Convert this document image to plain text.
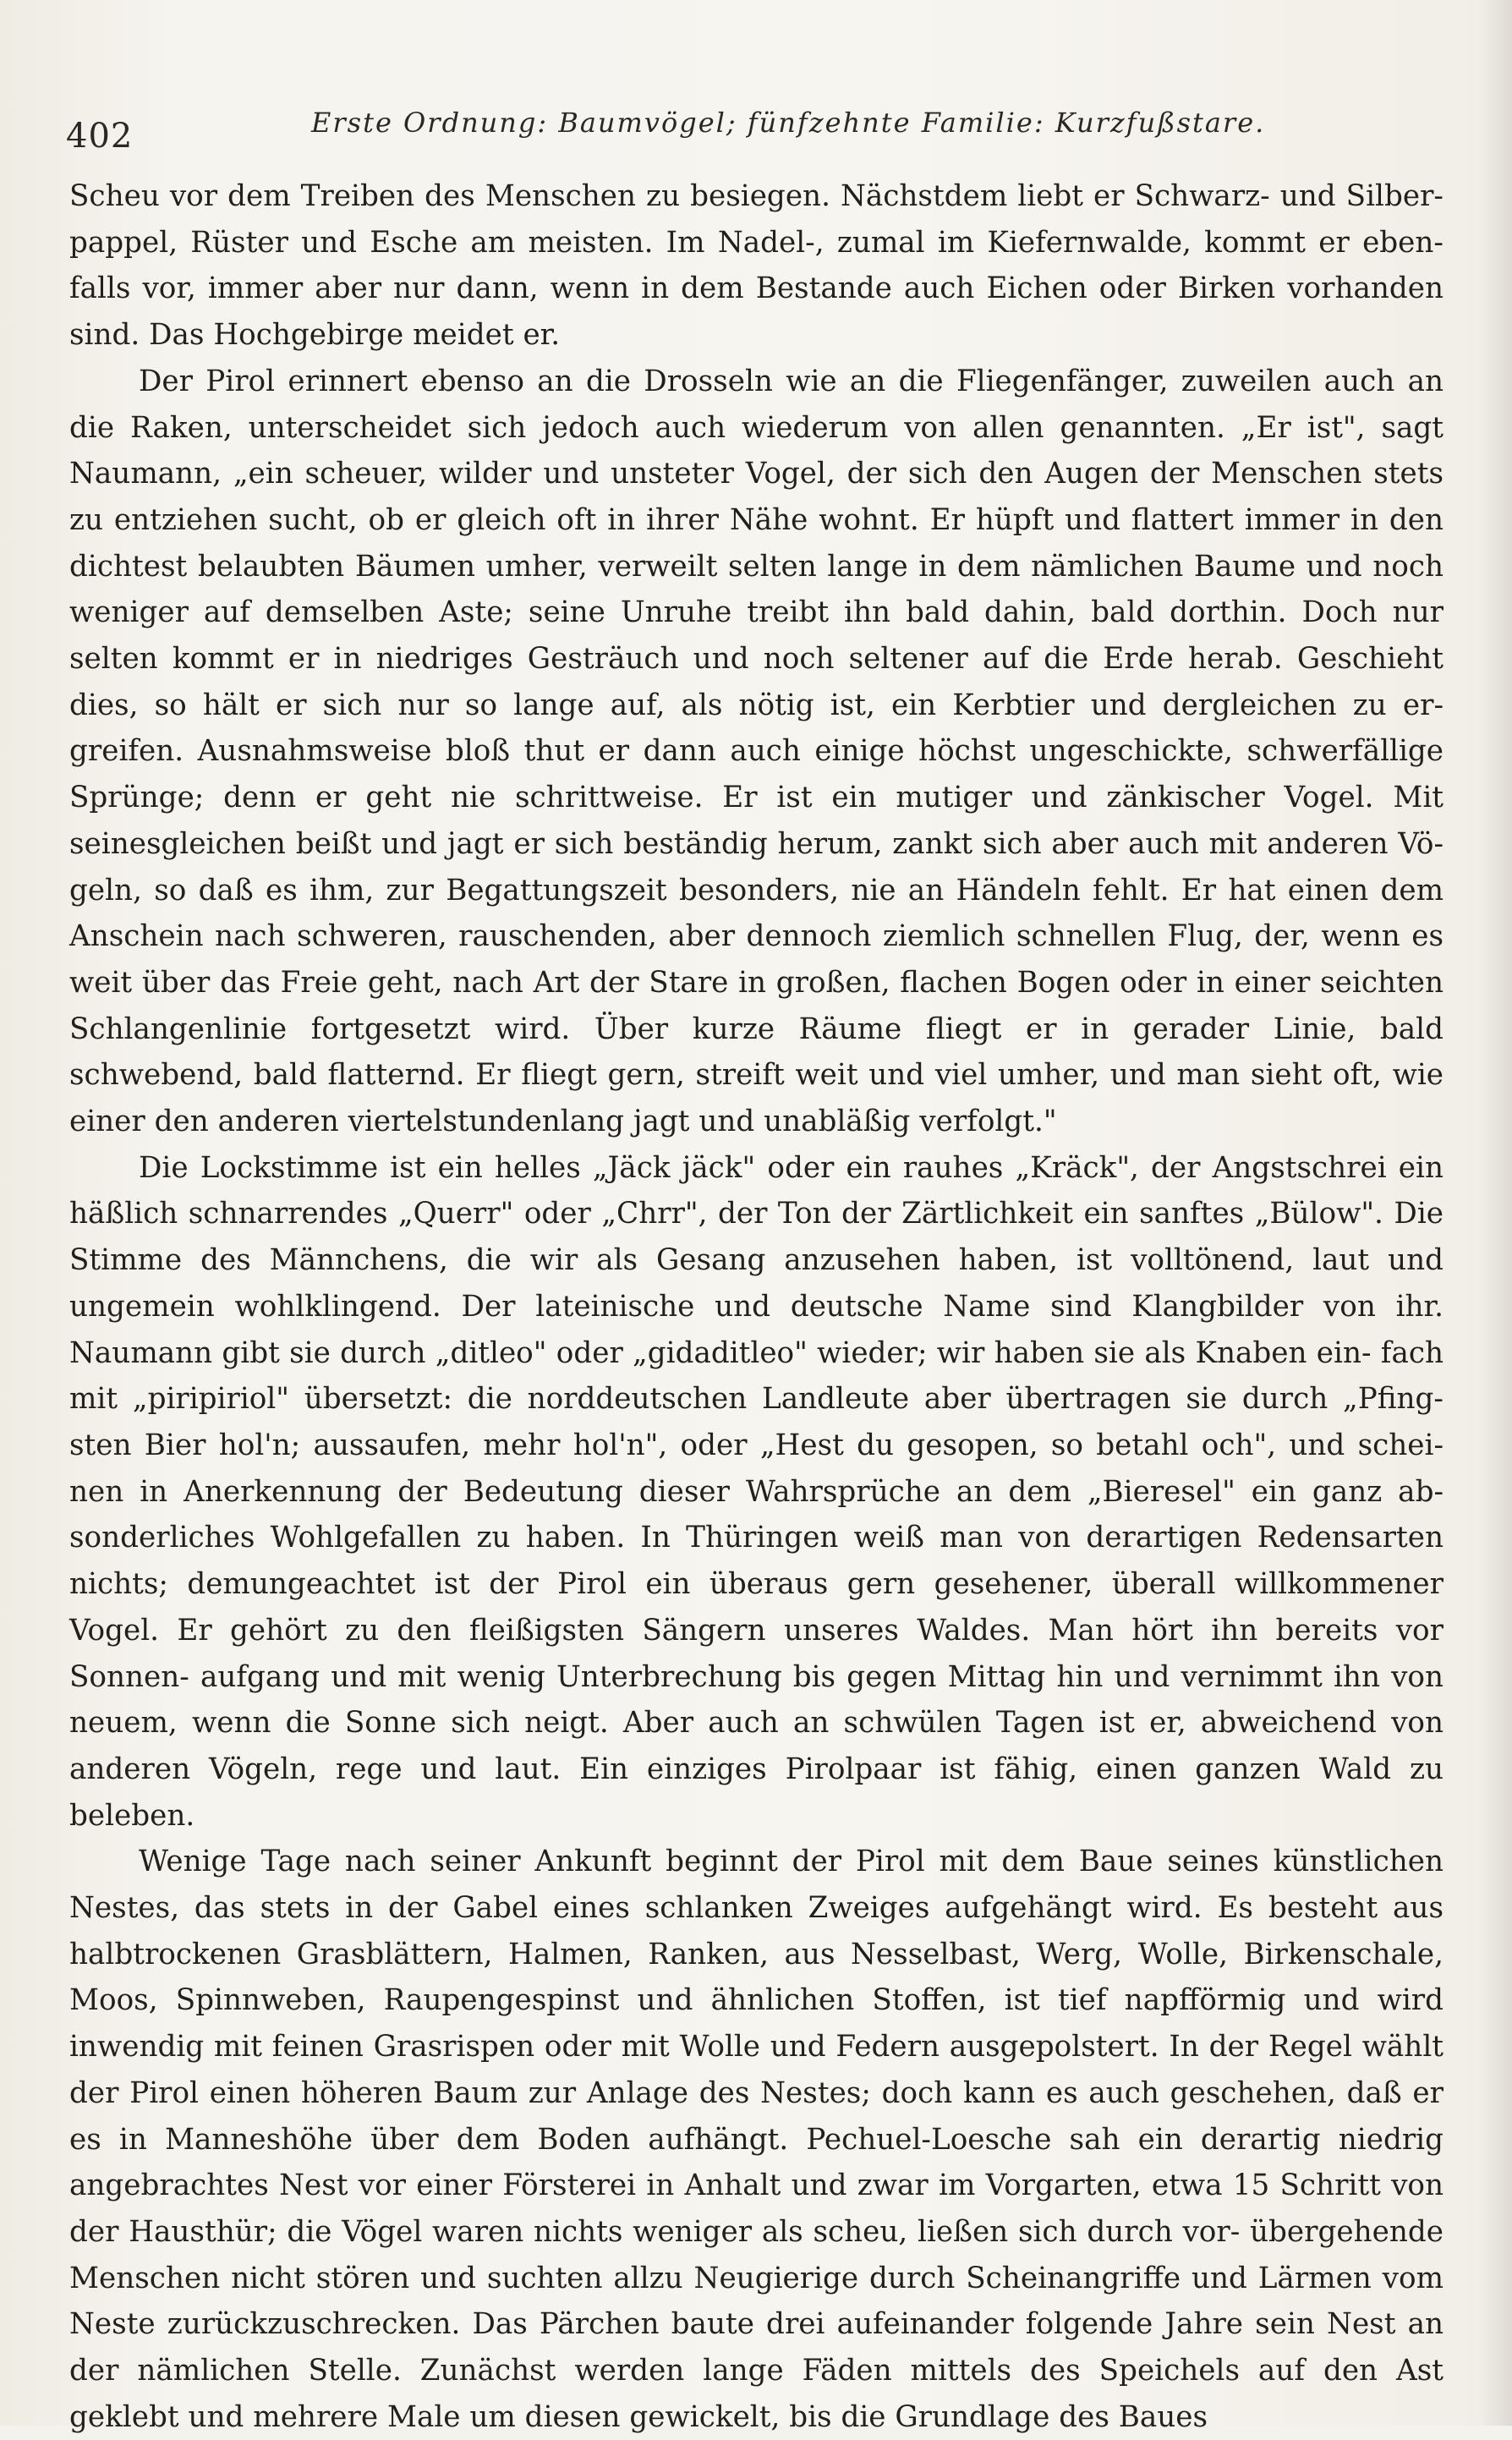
402	Erste Ordnung: Baumvögel; fünfzehnte Familie: Kurzfußstare.

Scheu vor dem Treiben des Menschen zu besiegen. Nächstdem liebt er Schwarz- und Silber- pappel, Rüster und Esche am meisten. Im Nadel-, zumal im Kiefernwalde, kommt er eben- falls vor, immer aber nur dann, wenn in dem Bestande auch Eichen oder Birken vorhanden sind. Das Hochgebirge meidet er.

Der Pirol erinnert ebenso an die Drosseln wie an die Fliegenfänger, zuweilen auch an die Raken, unterscheidet sich jedoch auch wiederum von allen genannten. „Er ist", sagt Naumann, „ein scheuer, wilder und unsteter Vogel, der sich den Augen der Menschen stets zu entziehen sucht, ob er gleich oft in ihrer Nähe wohnt. Er hüpft und flattert immer in den dichtest belaubten Bäumen umher, verweilt selten lange in dem nämlichen Baume und noch weniger auf demselben Aste; seine Unruhe treibt ihn bald dahin, bald dorthin. Doch nur selten kommt er in niedriges Gesträuch und noch seltener auf die Erde herab. Geschieht dies, so hält er sich nur so lange auf, als nötig ist, ein Kerbtier und dergleichen zu er- greifen. Ausnahmsweise bloß thut er dann auch einige höchst ungeschickte, schwerfällige Sprünge; denn er geht nie schrittweise. Er ist ein mutiger und zänkischer Vogel. Mit seinesgleichen beißt und jagt er sich beständig herum, zankt sich aber auch mit anderen Vö- geln, so daß es ihm, zur Begattungszeit besonders, nie an Händeln fehlt. Er hat einen dem Anschein nach schweren, rauschenden, aber dennoch ziemlich schnellen Flug, der, wenn es weit über das Freie geht, nach Art der Stare in großen, flachen Bogen oder in einer seichten Schlangenlinie fortgesetzt wird. Über kurze Räume fliegt er in gerader Linie, bald schwebend, bald flatternd. Er fliegt gern, streift weit und viel umher, und man sieht oft, wie einer den anderen viertelstundenlang jagt und unabläßig verfolgt."

Die Lockstimme ist ein helles „Jäck jäck" oder ein rauhes „Kräck", der Angstschrei ein häßlich schnarrendes „Querr" oder „Chrr", der Ton der Zärtlichkeit ein sanftes „Bülow". Die Stimme des Männchens, die wir als Gesang anzusehen haben, ist volltönend, laut und ungemein wohlklingend. Der lateinische und deutsche Name sind Klangbilder von ihr. Naumann gibt sie durch „ditleo" oder „gidaditleo" wieder; wir haben sie als Knaben ein- fach mit „piripiriol" übersetzt: die norddeutschen Landleute aber übertragen sie durch „Pfing- sten Bier hol'n; aussaufen, mehr hol'n", oder „Hest du gesopen, so betahl och", und schei- nen in Anerkennung der Bedeutung dieser Wahrsprüche an dem „Bieresel" ein ganz ab- sonderliches Wohlgefallen zu haben. In Thüringen weiß man von derartigen Redensarten nichts; demungeachtet ist der Pirol ein überaus gern gesehener, überall willkommener Vogel. Er gehört zu den fleißigsten Sängern unseres Waldes. Man hört ihn bereits vor Sonnen- aufgang und mit wenig Unterbrechung bis gegen Mittag hin und vernimmt ihn von neuem, wenn die Sonne sich neigt. Aber auch an schwülen Tagen ist er, abweichend von anderen Vögeln, rege und laut. Ein einziges Pirolpaar ist fähig, einen ganzen Wald zu beleben.

Wenige Tage nach seiner Ankunft beginnt der Pirol mit dem Baue seines künstlichen Nestes, das stets in der Gabel eines schlanken Zweiges aufgehängt wird. Es besteht aus halbtrockenen Grasblättern, Halmen, Ranken, aus Nesselbast, Werg, Wolle, Birkenschale, Moos, Spinnweben, Raupengespinst und ähnlichen Stoffen, ist tief napfförmig und wird inwendig mit feinen Grasrispen oder mit Wolle und Federn ausgepolstert. In der Regel wählt der Pirol einen höheren Baum zur Anlage des Nestes; doch kann es auch geschehen, daß er es in Manneshöhe über dem Boden aufhängt. Pechuel-Loesche sah ein derartig niedrig angebrachtes Nest vor einer Försterei in Anhalt und zwar im Vorgarten, etwa 15 Schritt von der Hausthür; die Vögel waren nichts weniger als scheu, ließen sich durch vor- übergehende Menschen nicht stören und suchten allzu Neugierige durch Scheinangriffe und Lärmen vom Neste zurückzuschrecken. Das Pärchen baute drei aufeinander folgende Jahre sein Nest an der nämlichen Stelle. Zunächst werden lange Fäden mittels des Speichels auf den Ast geklebt und mehrere Male um diesen gewickelt, bis die Grundlage des Baues
